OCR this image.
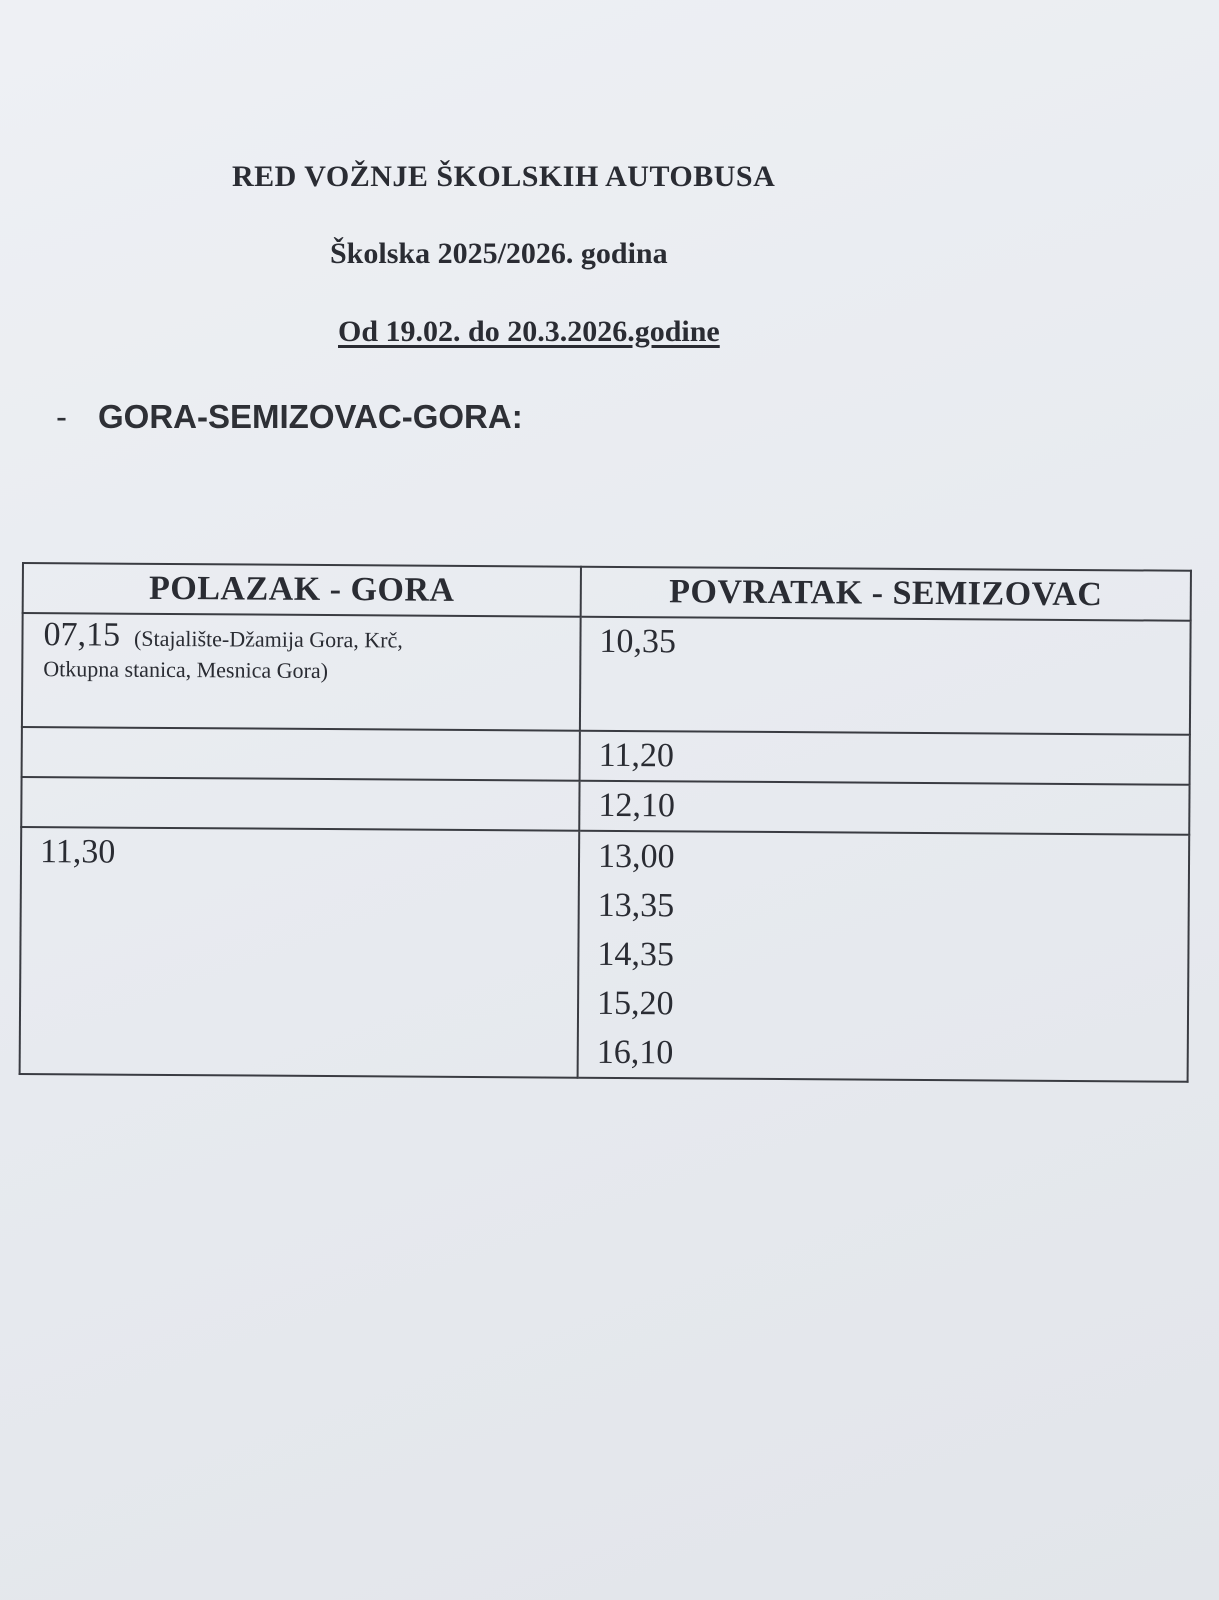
RED VOŽNJE ŠKOLSKIH AUTOBUSA
Školska 2025/2026. godina
Od 19.02. do 20.3.2026.godine
- GORA-SEMIZOVAC-GORA:
POLAZAK - GORA	POVRATAK - SEMIZOVAC
07,15 (Stajalište-Džamija Gora, Krč,
Otkupna stanica, Mesnica Gora)	10,35

	11,20

	12,10

11,30	13,00
13,35
14,35
15,20
16,10
